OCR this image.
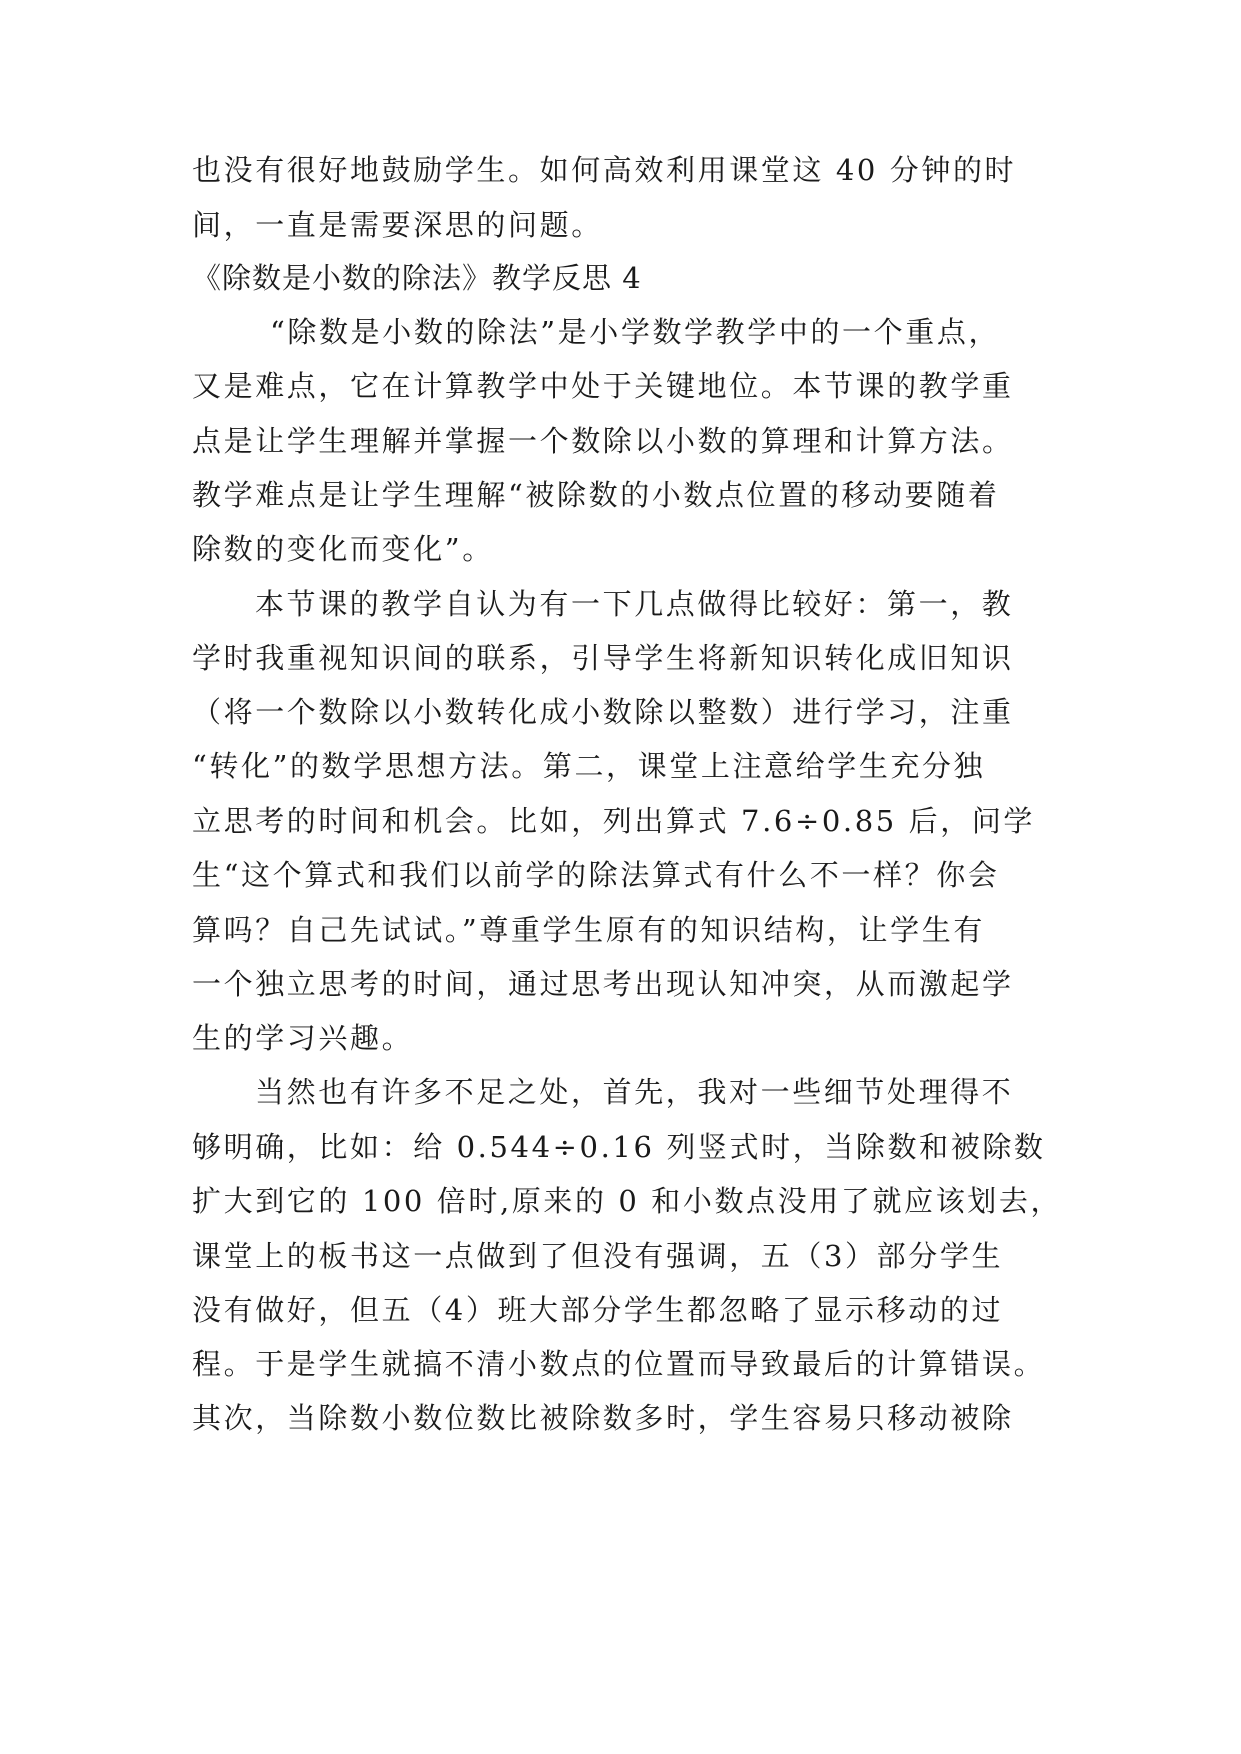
也没有很好地鼓励学生。如何高效利用课堂这 40 分钟的时
间，一直是需要深思的问题。
《除数是小数的除法》教学反思 4
“除数是小数的除法”是小学数学教学中的一个重点，
又是难点，它在计算教学中处于关键地位。本节课的教学重
点是让学生理解并掌握一个数除以小数的算理和计算方法。
教学难点是让学生理解“被除数的小数点位置的移动要随着
除数的变化而变化”。
本节课的教学自认为有一下几点做得比较好：第一，教
学时我重视知识间的联系，引导学生将新知识转化成旧知识
（将一个数除以小数转化成小数除以整数）进行学习，注重
“转化”的数学思想方法。第二，课堂上注意给学生充分独
立思考的时间和机会。比如，列出算式 7.6÷0.85 后，问学
生“这个算式和我们以前学的除法算式有什么不一样？你会
算吗？自己先试试。”尊重学生原有的知识结构，让学生有
一个独立思考的时间，通过思考出现认知冲突，从而激起学
生的学习兴趣。
当然也有许多不足之处，首先，我对一些细节处理得不
够明确，比如：给 0.544÷0.16 列竖式时，当除数和被除数
扩大到它的 100 倍时,原来的 0 和小数点没用了就应该划去，
课堂上的板书这一点做到了但没有强调，五（3）部分学生
没有做好，但五（4）班大部分学生都忽略了显示移动的过
程。于是学生就搞不清小数点的位置而导致最后的计算错误。
其次，当除数小数位数比被除数多时，学生容易只移动被除
